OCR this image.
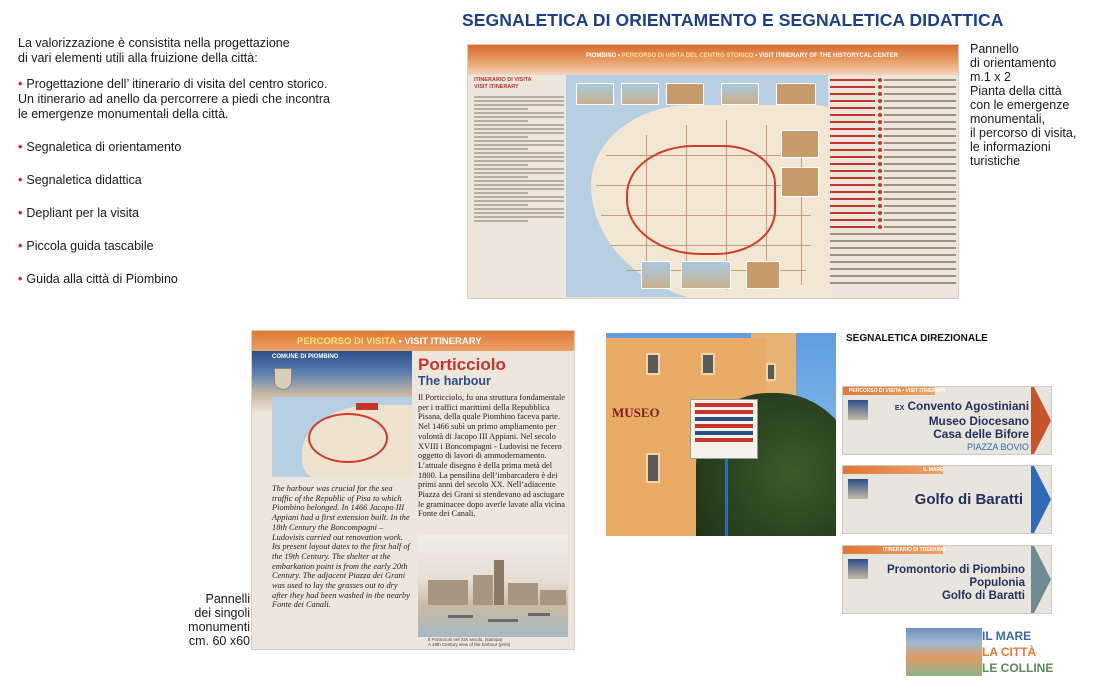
SEGNALETICA DI ORIENTAMENTO E SEGNALETICA DIDATTICA

La valorizzazione è consistita nella progettazione
di vari elementi utili alla fruizione della città:

• Progettazione dell’ itinerario di visita del centro storico.
Un itinerario ad anello da percorrere a piedi che incontra
le emergenze monumentali della città.
• Segnaletica di orientamento
• Segnaletica didattica
• Depliant per la visita
• Piccola guida tascabile
• Guida alla città di Piombino
PIOMBINO • PERCORSO DI VISITA DEL CENTRO STORICO • VISIT ITINERARY OF THE HISTORYCAL CENTER
ITINERARIO DI VISITA
VISIT ITINERARY
Pannello
di orientamento
m.1 x 2
Pianta della città
con le emergenze
monumentali,
il percorso di visita,
le informazioni
turistiche
PERCORSO DI VISITA • VISIT ITINERARY
COMUNE DI PIOMBINO	Porticciolo
The harbour
Il Porticciolo, fu una struttura fondamentale per i traffici marittimi della Repubblica Pisana, della quale Piombino faceva parte. Nel 1466 subì un primo ampliamento per volontà di Jacopo III Appiani. Nel secolo XVIII i Boncompagni - Ludovisi ne fecero oggetto di lavori di ammodernamento. L’attuale disegno è della prima metà del 1800. La pensilina dell’imbarcadero è dei primi anni del secolo XX. Nell’adiacente Piazza dei Grani si stendevano ad asciugare le graminacee dopo averle lavate alla vicina Fonte dei Canali.
The harbour was crucial for the sea traffic of the Republic of Pisa to which Piombino belonged. In 1466 Jacopo III Appiani had a first extension built. In the 18th Century the Boncompagni – Ludovisis carried out renovation work. Its present layout dates to the first half of the 19th Century. The shelter at the embarkation point is from the early 20th Century. The adjacent Piazza dei Grani was used to lay the grasses out to dry after they had been washed in the nearby Fonte dei Canali.
Il Porticciolo nel XIX secolo, (stampa)
A 19th Century view of the harbour (print)
Pannelli
dei singoli
monumenti
cm. 60 x60
MUSEO
SEGNALETICA DIREZIONALE
PERCORSO DI VISITA • VISIT ITINERARY
EX Convento Agostiniani
Museo Diocesano
Casa delle Bifore
PIAZZA BOVIO
IL MARE
Golfo di Baratti
ITINERARIO DI TREKKING
Promontorio di Piombino
Populonia
Golfo di Baratti
IL MARE
LA CITTÀ
LE COLLINE
